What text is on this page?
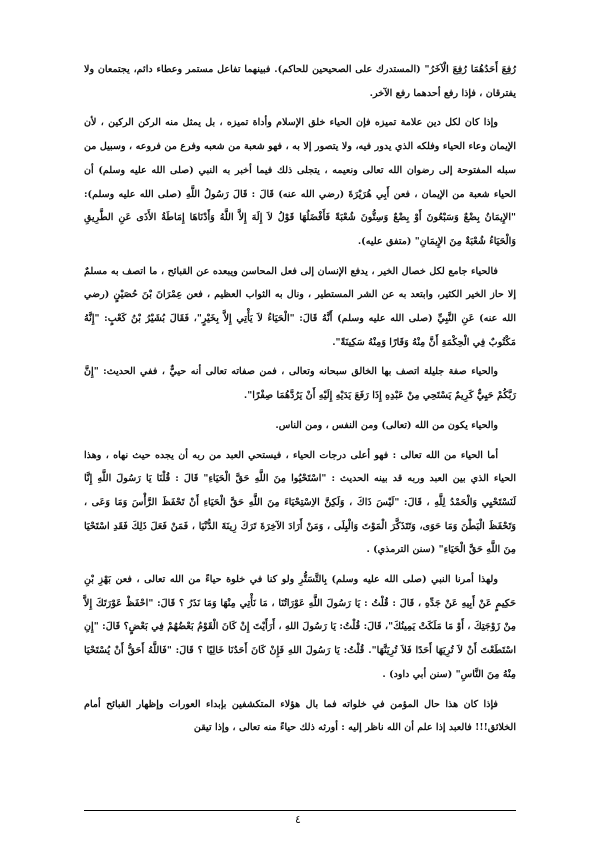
رُفِعَ أَحَدُهُمَا رُفِعَ الْآخَرُ" (المستدرك على الصحيحين للحاكم). فبينهما تفاعل مستمر وعطاء دائم، يجتمعان ولا يفترقان ، فإذا رفع أحدهما رفع الآخر.

وإذا كان لكل دين علامة تميزه فإن الحياء خلق الإسلام وأداة تميزه ، بل يمثل منه الركن الركين ، لأن الإيمان وعاء الحياء وفلكه الذي يدور فيه، ولا يتصور إلا به ، فهو شعبة من شعبه وفرع من فروعه ، وسبيل من سبله المفتوحة إلى رضوان الله تعالى ونعيمه ، يتجلى ذلك فيما أخبر به النبي (صلى الله عليه وسلم) أن الحياء شعبة من الإيمان ، فعن أَبِي هُرَيْرَةَ (رضي الله عنه) قَالَ : قَالَ رَسُولُ اللَّهِ (صلى الله عليه وسلم): "الإِيمَانُ بِضْعٌ وَسَبْعُونَ أَوْ بِضْعٌ وَسِتُّونَ شُعْبَةً فَأَفْضَلُهَا قَوْلُ لاَ إِلَهَ إِلاَّ اللَّهُ وَأَدْنَاهَا إِمَاطَةُ الأَذَى عَنِ الطَّرِيقِ وَالْحَيَاءُ شُعْبَةٌ مِنَ الإِيمَانِ" (متفق عليه).

فالحياء جامع لكل خصال الخير ، يدفع الإنسان إلى فعل المحاسن ويبعده عن القبائح ، ما اتصف به مسلمٌ إلا حاز الخير الكثير، وابتعد به عن الشر المستطير ، ونال به الثواب العظيم ، فعن عِمْرَانَ بْنَ حُصَيْنٍ (رضي الله عنه) عَنِ النَّبِيِّ (صلى الله عليه وسلم) أَنَّهُ قَالَ: "الْحَيَاءُ لاَ يَأْتِي إِلاَّ بِخَيْرٍ"، فَقَالَ بُشَيْرُ بْنُ كَعْبٍ: "إِنَّهُ مَكْتُوبٌ فِي الْحِكْمَةِ أَنَّ مِنْهُ وَقَارًا وَمِنْهُ سَكِينَةً".

والحياء صفة جليلة اتصف بها الخالق سبحانه وتعالى ، فمن صفاته تعالى أنه حييٌّ ، ففي الحديث: "إِنَّ رَبَّكُمْ حَيِيٌّ كَرِيمٌ يَسْتَحِي مِنْ عَبْدِهِ إِذَا رَفَعَ يَدَيْهِ إِلَيْهِ أَنْ يَرُدَّهُمَا صِفْرًا".

والحياء يكون من الله (تعالى) ومن النفس ، ومن الناس.

أما الحياء من الله تعالى : فهو أعلى درجات الحياء ، فيستحي العبد من ربه أن يجده حيث نهاه ، وهذا الحياء الذي بين العبد وربه قد بينه الحديث : "اسْتَحْيُوا مِنَ اللَّهِ حَقَّ الْحَيَاءِ" قَالَ : قُلْنَا يَا رَسُولَ اللَّهِ إِنَّا لَنَسْتَحْيِي وَالْحَمْدُ لِلَّهِ ، قَالَ: "لَيْسَ ذَاكَ ، وَلَكِنَّ الاِسْتِحْيَاءَ مِنَ اللَّهِ حَقَّ الْحَيَاءِ أَنْ تَحْفَظَ الرَّأْسَ وَمَا وَعَى ، وَتَحْفَظَ الْبَطْنَ وَمَا حَوَى، وَتَتَذَكَّرَ الْمَوْتَ وَالْبِلَى ، وَمَنْ أَرَادَ الآخِرَةَ تَرَكَ زِينَةَ الدُّنْيَا ، فَمَنْ فَعَلَ ذَلِكَ فَقَدِ اسْتَحْيَا مِنَ اللَّهِ حَقَّ الْحَيَاءِ" (سنن الترمذي) .

ولهذا أمرنا النبي (صلى الله عليه وسلم) بِالتَّسَتُّرِ ولو كنا في خلوة حياءً من الله تعالى ، فعن بَهْزِ بْنِ حَكِيمٍ عَنْ أَبِيهِ عَنْ جَدِّهِ ، قَالَ : قُلْتُ : يَا رَسُولَ اللَّهِ عَوْرَاتُنَا ، مَا نَأْتِي مِنْهَا وَمَا نَذَرُ ؟ قَالَ: "احْفَظْ عَوْرَتَكَ إِلاَّ مِنْ زَوْجَتِكَ ، أَوْ مَا مَلَكَتْ يَمِينُكَ"، قَالَ: قُلْتُ: يَا رَسُولَ اللهِ ، أَرَأَيْتَ إِنْ كَانَ الْقَوْمُ بَعْضُهُمْ فِي بَعْضٍ؟ قَالَ: "إِنِ اسْتَطَعْتَ أَنْ لاَ تُرِيَهَا أَحَدًا فَلاَ تُرِيَنَّهَا". قُلْتُ: يَا رَسُولَ اللهِ فَإِنْ كَانَ أَحَدُنَا خَالِيًا ؟ قَالَ: "فَاللَّهُ أَحَقُّ أَنْ يُسْتَحْيَا مِنْهُ مِنَ النَّاسِ" (سنن أبي داود) .

فإذا كان هذا حال المؤمن في خلواته فما بال هؤلاء المتكشفين بإبداء العورات وإظهار القبائح أمام الخلائق!!! فالعبد إذا علم أن الله ناظر إليه : أورثه ذلك حياءً منه تعالى ، وإذا تيقن

٤
